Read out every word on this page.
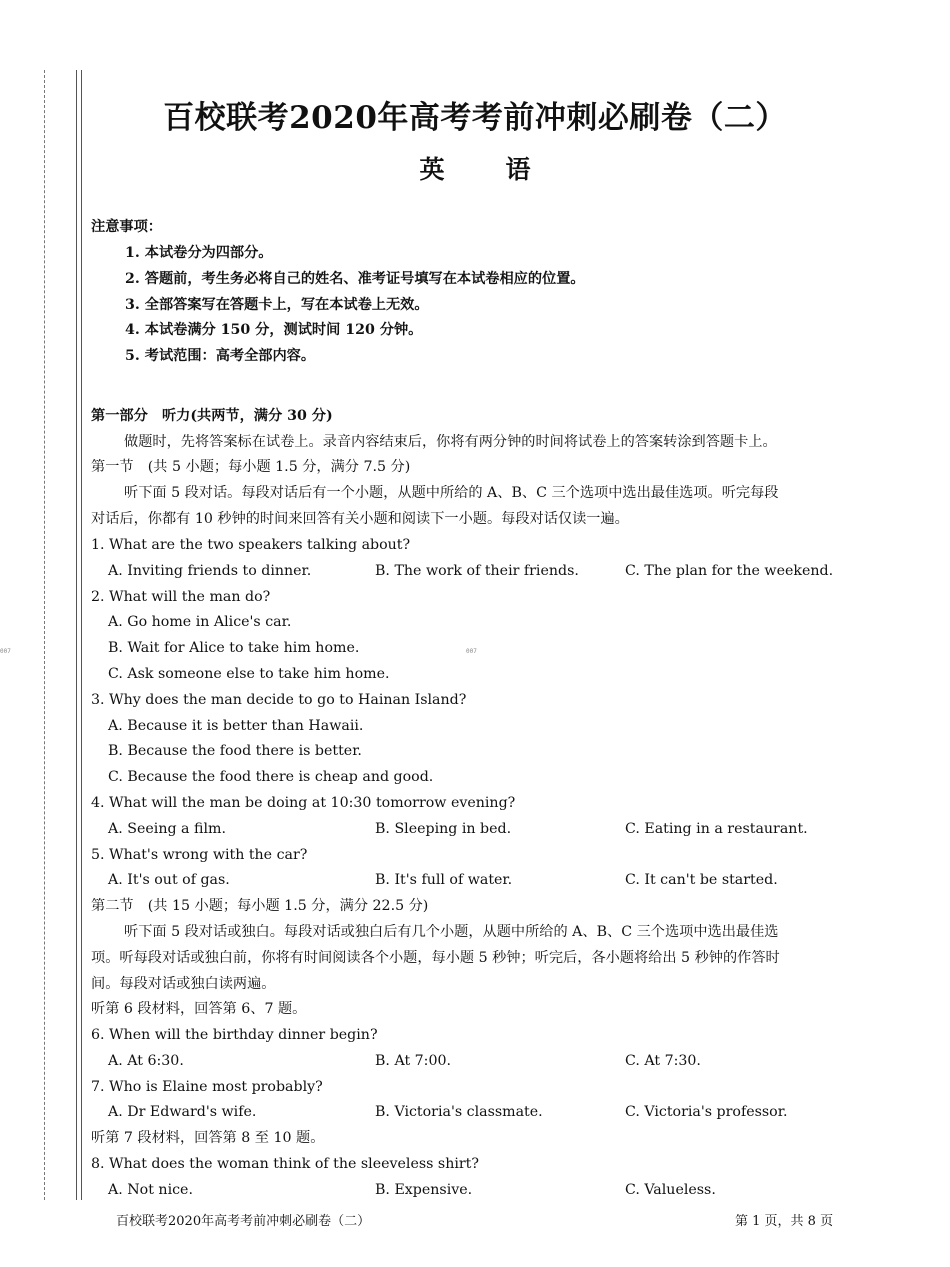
007	007
百校联考2020年高考考前冲刺必刷卷（二）
英　语
注意事项：
1. 本试卷分为四部分。
2. 答题前，考生务必将自己的姓名、准考证号填写在本试卷相应的位置。
3. 全部答案写在答题卡上，写在本试卷上无效。
4. 本试卷满分 150 分，测试时间 120 分钟。
5. 考试范围：高考全部内容。
第一部分　听力(共两节，满分 30 分)
做题时，先将答案标在试卷上。录音内容结束后，你将有两分钟的时间将试卷上的答案转涂到答题卡上。
第一节　(共 5 小题；每小题 1.5 分，满分 7.5 分)
听下面 5 段对话。每段对话后有一个小题，从题中所给的 A、B、C 三个选项中选出最佳选项。听完每段
对话后，你都有 10 秒钟的时间来回答有关小题和阅读下一小题。每段对话仅读一遍。
1. What are the two speakers talking about?
A. Inviting friends to dinner.	B. The work of their friends.	C. The plan for the weekend.
2. What will the man do?
A. Go home in Alice's car.
B. Wait for Alice to take him home.
C. Ask someone else to take him home.
3. Why does the man decide to go to Hainan Island?
A. Because it is better than Hawaii.
B. Because the food there is better.
C. Because the food there is cheap and good.
4. What will the man be doing at 10:30 tomorrow evening?
A. Seeing a film.	B. Sleeping in bed.	C. Eating in a restaurant.
5. What's wrong with the car?
A. It's out of gas.	B. It's full of water.	C. It can't be started.
第二节　(共 15 小题；每小题 1.5 分，满分 22.5 分)
听下面 5 段对话或独白。每段对话或独白后有几个小题，从题中所给的 A、B、C 三个选项中选出最佳选
项。听每段对话或独白前，你将有时间阅读各个小题，每小题 5 秒钟；听完后，各小题将给出 5 秒钟的作答时
间。每段对话或独白读两遍。
听第 6 段材料，回答第 6、7 题。
6. When will the birthday dinner begin?
A. At 6:30.	B. At 7:00.	C. At 7:30.
7. Who is Elaine most probably?
A. Dr Edward's wife.	B. Victoria's classmate.	C. Victoria's professor.
听第 7 段材料，回答第 8 至 10 题。
8. What does the woman think of the sleeveless shirt?
A. Not nice.	B. Expensive.	C. Valueless.
百校联考2020年高考考前冲刺必刷卷（二）	第 1 页，共 8 页
